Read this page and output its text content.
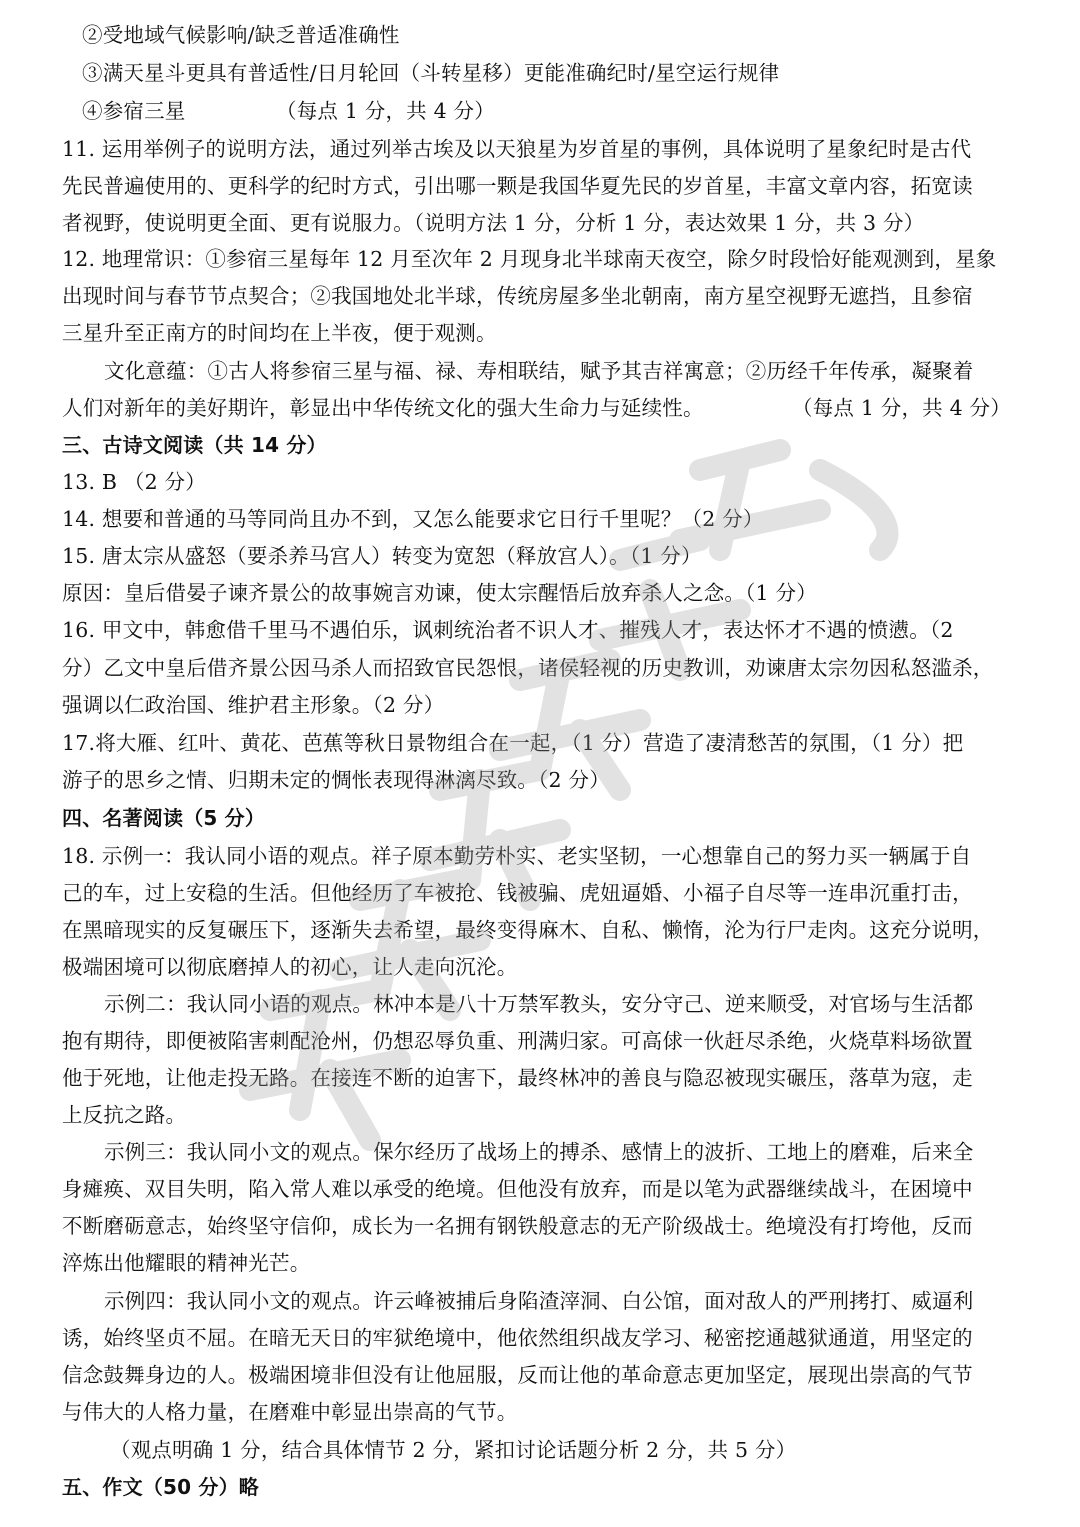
②受地域气候影响/缺乏普适准确性
③满天星斗更具有普适性/日月轮回（斗转星移）更能准确纪时/星空运行规律
④参宿三星	（每点 1 分，共 4 分）
11. 运用举例子的说明方法，通过列举古埃及以天狼星为岁首星的事例，具体说明了星象纪时是古代
先民普遍使用的、更科学的纪时方式，引出哪一颗是我国华夏先民的岁首星，丰富文章内容，拓宽读
者视野，使说明更全面、更有说服力。（说明方法 1 分，分析 1 分，表达效果 1 分，共 3 分）
12. 地理常识：①参宿三星每年 12 月至次年 2 月现身北半球南天夜空，除夕时段恰好能观测到，星象
出现时间与春节节点契合；②我国地处北半球，传统房屋多坐北朝南，南方星空视野无遮挡，且参宿
三星升至正南方的时间均在上半夜，便于观测。
文化意蕴：①古人将参宿三星与福、禄、寿相联结，赋予其吉祥寓意；②历经千年传承，凝聚着
人们对新年的美好期许，彰显出中华传统文化的强大生命力与延续性。	（每点 1 分，共 4 分）
三、古诗文阅读（共 14 分）
13. B （2 分）
14. 想要和普通的马等同尚且办不到，又怎么能要求它日行千里呢？（2 分）
15. 唐太宗从盛怒（要杀养马宫人）转变为宽恕（释放宫人）。（1 分）
原因：皇后借晏子谏齐景公的故事婉言劝谏，使太宗醒悟后放弃杀人之念。（1 分）
16. 甲文中，韩愈借千里马不遇伯乐，讽刺统治者不识人才、摧残人才，表达怀才不遇的愤懑。（2
分）乙文中皇后借齐景公因马杀人而招致官民怨恨，诸侯轻视的历史教训，劝谏唐太宗勿因私怒滥杀，
强调以仁政治国、维护君主形象。（2 分）
17.将大雁、红叶、黄花、芭蕉等秋日景物组合在一起，（1 分）营造了凄清愁苦的氛围，（1 分）把
游子的思乡之情、归期未定的惆怅表现得淋漓尽致。（2 分）
四、名著阅读（5 分）
18. 示例一：我认同小语的观点。祥子原本勤劳朴实、老实坚韧，一心想靠自己的努力买一辆属于自
己的车，过上安稳的生活。但他经历了车被抢、钱被骗、虎妞逼婚、小福子自尽等一连串沉重打击，
在黑暗现实的反复碾压下，逐渐失去希望，最终变得麻木、自私、懒惰，沦为行尸走肉。这充分说明，
极端困境可以彻底磨掉人的初心，让人走向沉沦。
示例二：我认同小语的观点。林冲本是八十万禁军教头，安分守己、逆来顺受，对官场与生活都
抱有期待，即便被陷害刺配沧州，仍想忍辱负重、刑满归家。可高俅一伙赶尽杀绝，火烧草料场欲置
他于死地，让他走投无路。在接连不断的迫害下，最终林冲的善良与隐忍被现实碾压，落草为寇，走
上反抗之路。
示例三：我认同小文的观点。保尔经历了战场上的搏杀、感情上的波折、工地上的磨难，后来全
身瘫痪、双目失明，陷入常人难以承受的绝境。但他没有放弃，而是以笔为武器继续战斗，在困境中
不断磨砺意志，始终坚守信仰，成长为一名拥有钢铁般意志的无产阶级战士。绝境没有打垮他，反而
淬炼出他耀眼的精神光芒。
示例四：我认同小文的观点。许云峰被捕后身陷渣滓洞、白公馆，面对敌人的严刑拷打、威逼利
诱，始终坚贞不屈。在暗无天日的牢狱绝境中，他依然组织战友学习、秘密挖通越狱通道，用坚定的
信念鼓舞身边的人。极端困境非但没有让他屈服，反而让他的革命意志更加坚定，展现出崇高的气节
与伟大的人格力量，在磨难中彰显出崇高的气节。
（观点明确 1 分，结合具体情节 2 分，紧扣讨论话题分析 2 分，共 5 分）
五、作文（50 分）略
